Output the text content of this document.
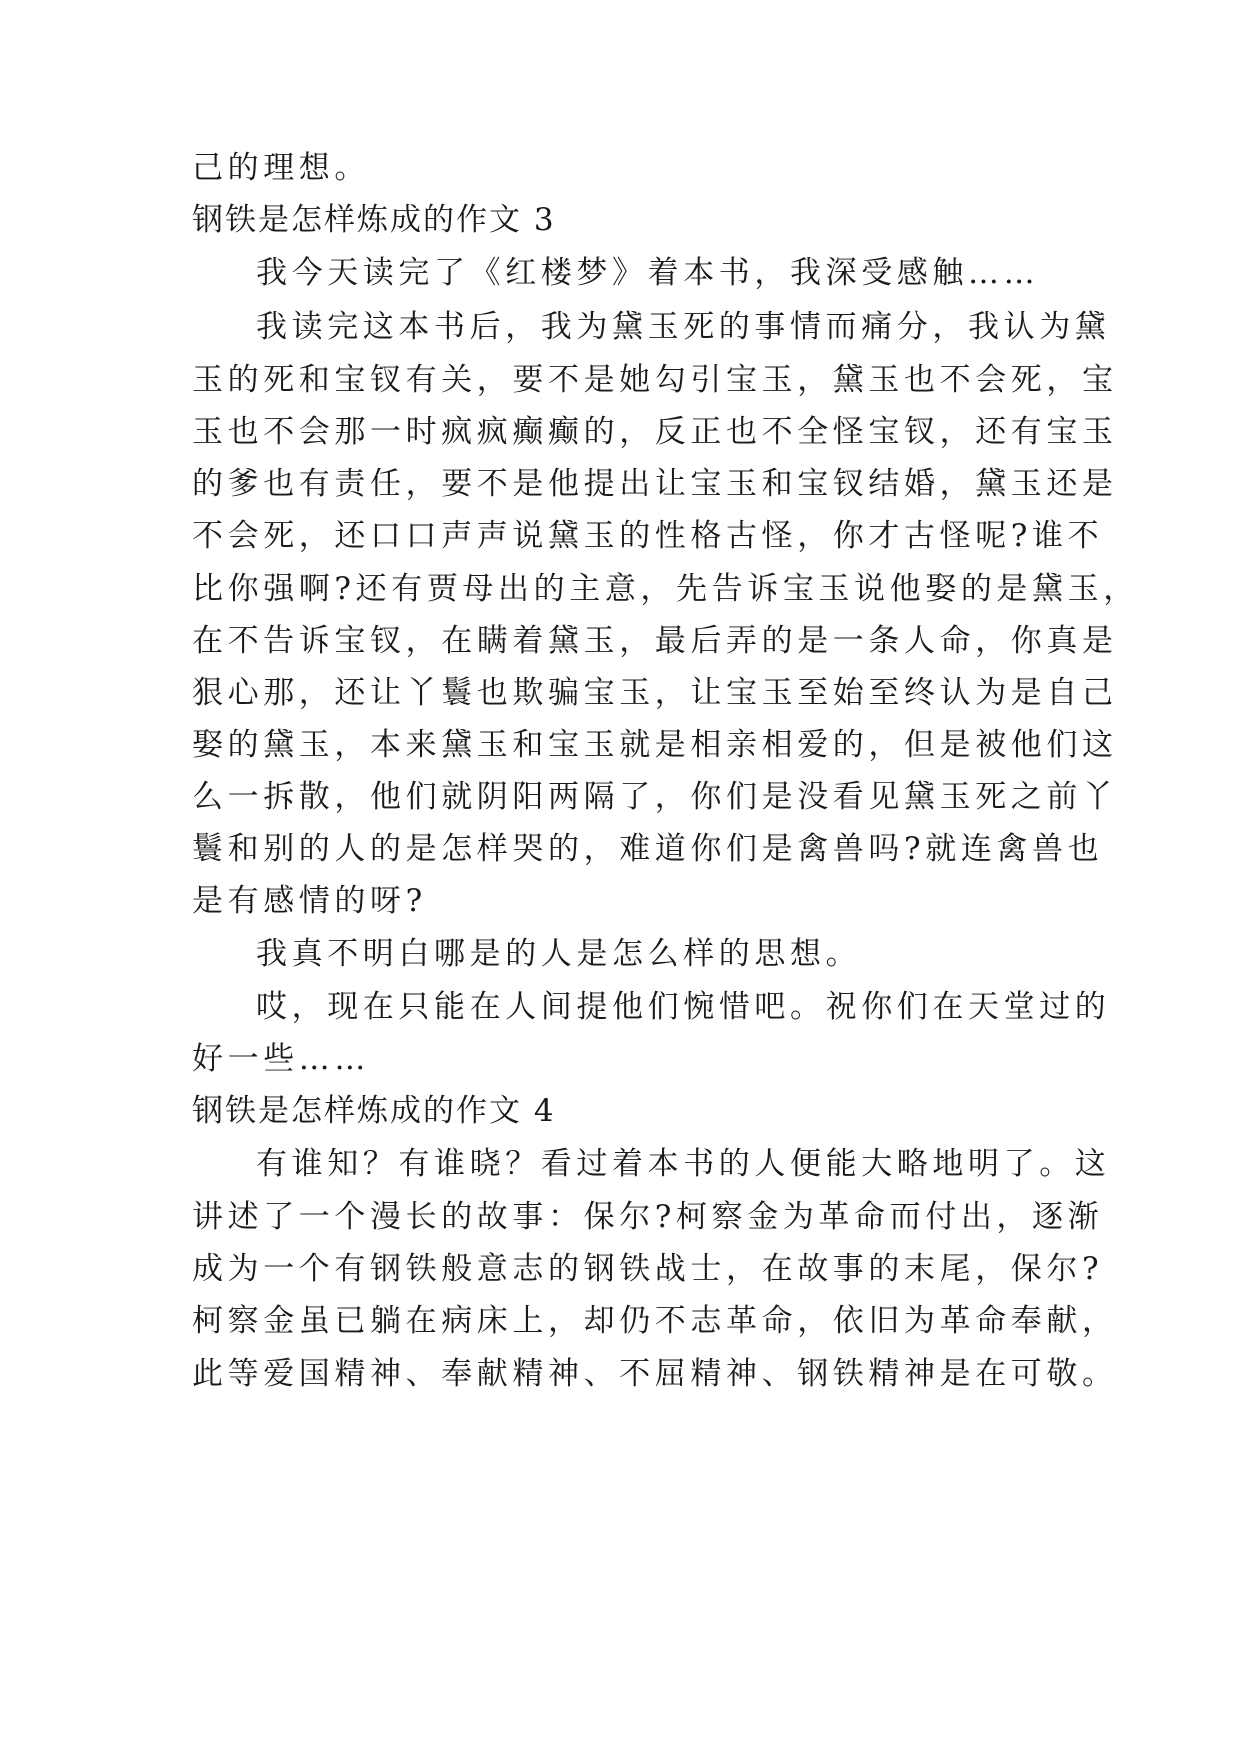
己的理想。
钢铁是怎样炼成的作文 3
我今天读完了《红楼梦》着本书，我深受感触……
我读完这本书后，我为黛玉死的事情而痛分，我认为黛
玉的死和宝钗有关，要不是她勾引宝玉，黛玉也不会死，宝
玉也不会那一时疯疯癫癫的，反正也不全怪宝钗，还有宝玉
的爹也有责任，要不是他提出让宝玉和宝钗结婚，黛玉还是
不会死，还口口声声说黛玉的性格古怪，你才古怪呢?谁不
比你强啊?还有贾母出的主意，先告诉宝玉说他娶的是黛玉，
在不告诉宝钗，在瞒着黛玉，最后弄的是一条人命，你真是
狠心那，还让丫鬟也欺骗宝玉，让宝玉至始至终认为是自己
娶的黛玉，本来黛玉和宝玉就是相亲相爱的，但是被他们这
么一拆散，他们就阴阳两隔了，你们是没看见黛玉死之前丫
鬟和别的人的是怎样哭的，难道你们是禽兽吗?就连禽兽也
是有感情的呀?
我真不明白哪是的人是怎么样的思想。
哎，现在只能在人间提他们惋惜吧。祝你们在天堂过的
好一些……
钢铁是怎样炼成的作文 4
有谁知？有谁晓？看过着本书的人便能大略地明了。这
讲述了一个漫长的故事：保尔?柯察金为革命而付出，逐渐
成为一个有钢铁般意志的钢铁战士，在故事的末尾，保尔?
柯察金虽已躺在病床上，却仍不志革命，依旧为革命奉献，
此等爱国精神、奉献精神、不屈精神、钢铁精神是在可敬。
